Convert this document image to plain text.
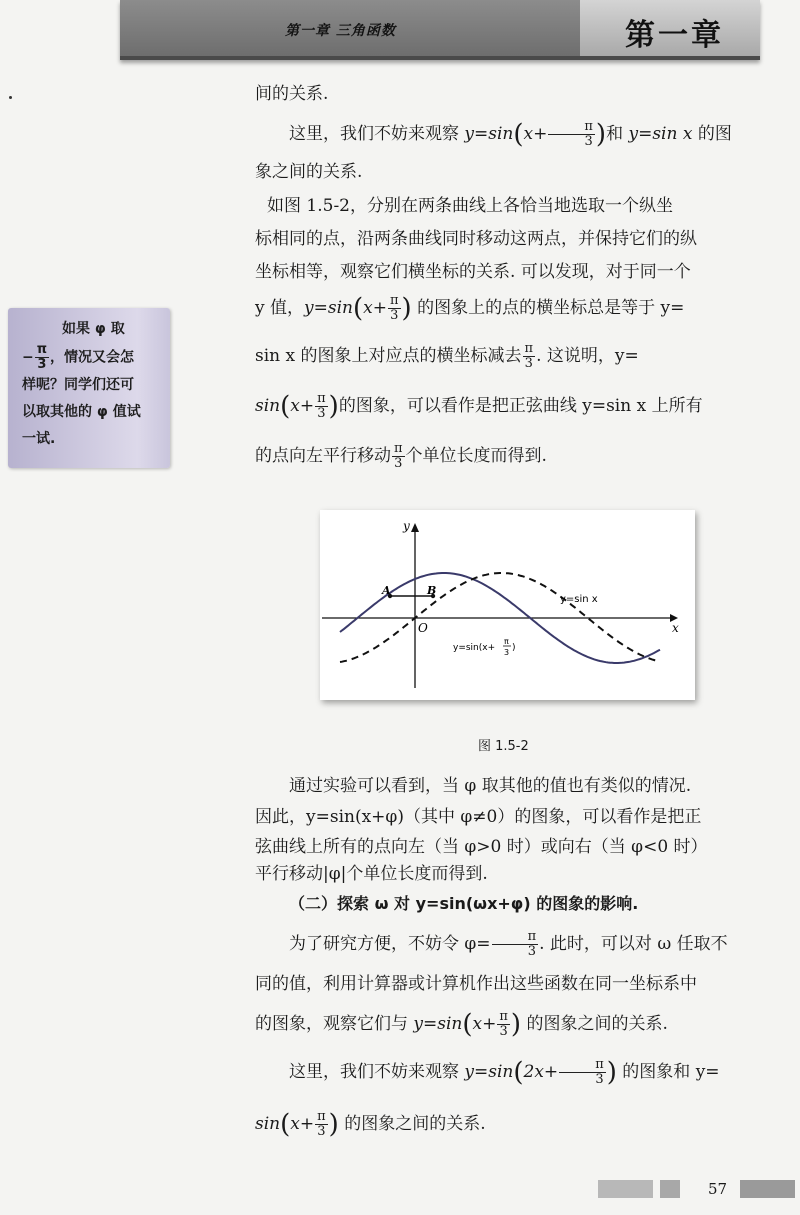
第一章 三角函数	第一章

间的关系.

这里，我们不妨来观察 $y=\sin(x+ \frac{\pi}{3}$ )和 y=sin x 的图

象之间的关系.

如图 1.5-2，分别在两条曲线上各恰当地选取一个纵坐

标相同的点，沿两条曲线同时移动这两点，并保持它们的纵

坐标相等，观察它们横坐标的关系. 可以发现，对于同一个

y 值，$y=\sin(x+ \frac{\pi}{3}$ ) 的图象上的点的横坐标总是等于 y=

sin x 的图象上对应点的横坐标减去 $\frac{\pi}{3}$ . 这说明，y=

$\sin(x+ \frac{\pi}{3}$ )的图象，可以看作是把正弦曲线 y=sin x 上所有

的点向左平行移动 $\frac{\pi}{3}$ 个单位长度而得到.

如果 φ 取
− $\frac{\pi}{3}$ ，情况又会怎
样呢？同学们还可
以取其他的 φ 值试
一试.
y
x
O
A	B
y=sin x
y=sin(x+
π
3 )
图 1.5-2

通过实验可以看到，当 φ 取其他的值也有类似的情况.

因此，y=sin(x+φ)（其中 φ≠0）的图象，可以看作是把正

弦曲线上所有的点向左（当 φ>0 时）或向右（当 φ<0 时）

平行移动|φ|个单位长度而得到.

（二）探索 ω 对 y=sin(ωx+φ) 的图象的影响.

为了研究方便，不妨令 $\varphi= \frac{\pi}{3}$ . 此时，可以对 ω 任取不

同的值，利用计算器或计算机作出这些函数在同一坐标系中

的图象，观察它们与 $y=\sin(x+ \frac{\pi}{3}$ ) 的图象之间的关系.

这里，我们不妨来观察 $y=\sin(2x+ \frac{\pi}{3}$ ) 的图象和 y=

$\sin(x+ \frac{\pi}{3}$ ) 的图象之间的关系.

57
